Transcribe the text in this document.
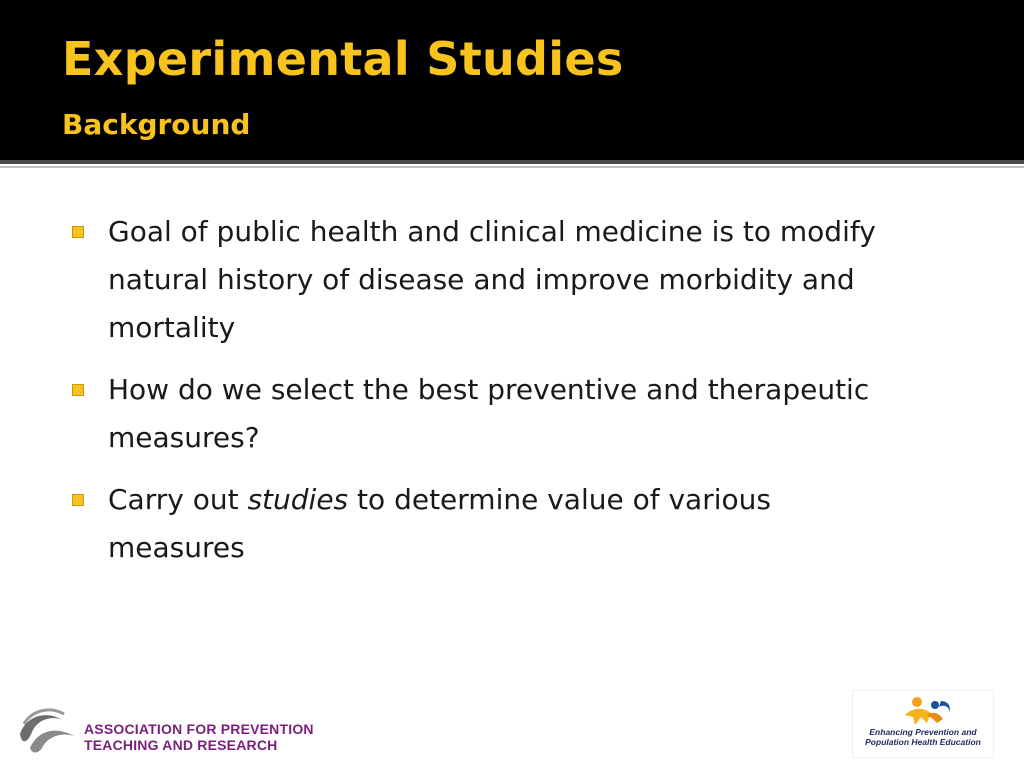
Experimental Studies
Background
Goal of public health and clinical medicine is to modify natural history of disease and improve morbidity and mortality
How do we select the best preventive and therapeutic measures?
Carry out studies to determine value of various measures
ASSOCIATION FOR PREVENTION
TEACHING AND RESEARCH
Enhancing Prevention and
Population Health Education
